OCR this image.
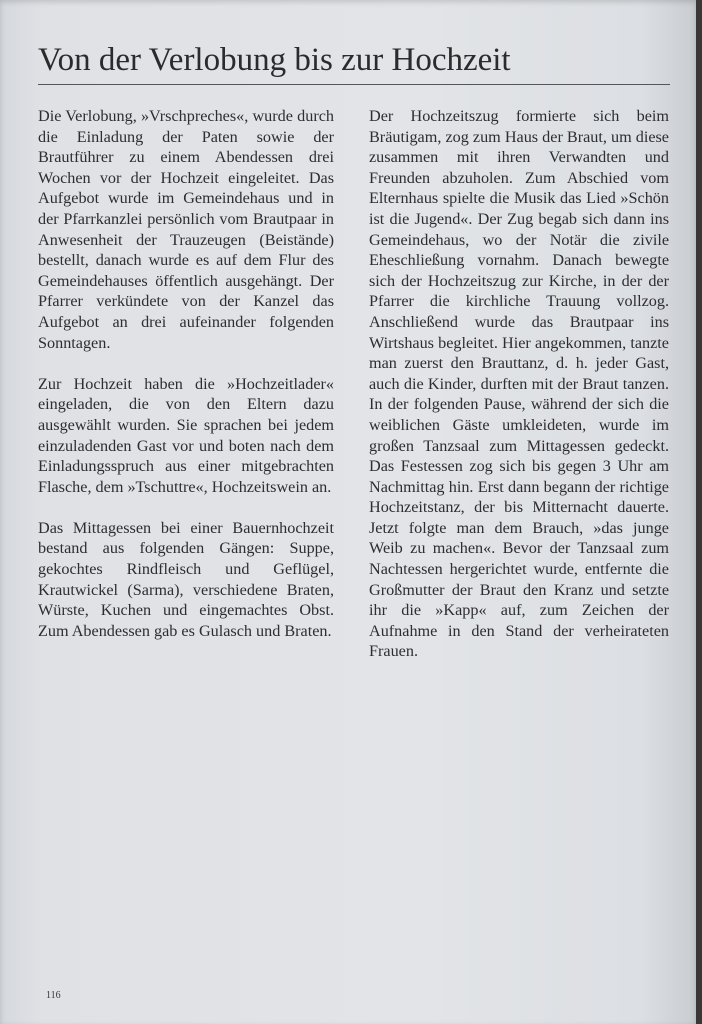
Von der Verlobung bis zur Hochzeit

Die Verlobung, »Vrschpreches«, wurde durch die Einladung der Paten sowie der Brautführer zu einem Abendessen drei Wochen vor der Hochzeit eingeleitet. Das Aufgebot wurde im Gemeindehaus und in der Pfarrkanzlei persönlich vom Brautpaar in Anwesenheit der Trauzeugen (Beistände) bestellt, danach wurde es auf dem Flur des Gemeindehauses öffentlich ausgehängt. Der Pfarrer verkündete von der Kanzel das Aufgebot an drei aufeinander folgenden Sonntagen.

Zur Hochzeit haben die »Hochzeitlader« eingeladen, die von den Eltern dazu ausgewählt wurden. Sie sprachen bei jedem einzuladenden Gast vor und boten nach dem Einladungsspruch aus einer mitgebrachten Flasche, dem »Tschuttre«, Hochzeitswein an.

Das Mittagessen bei einer Bauernhochzeit bestand aus folgenden Gängen: Suppe, gekochtes Rindfleisch und Geflügel, Krautwickel (Sarma), verschiedene Braten, Würste, Kuchen und eingemachtes Obst. Zum Abendessen gab es Gulasch und Braten.

Der Hochzeitszug formierte sich beim Bräutigam, zog zum Haus der Braut, um diese zusammen mit ihren Verwandten und Freunden abzuholen. Zum Abschied vom Elternhaus spielte die Musik das Lied »Schön ist die Jugend«. Der Zug begab sich dann ins Gemeindehaus, wo der Notär die zivile Eheschließung vornahm. Danach bewegte sich der Hochzeitszug zur Kirche, in der der Pfarrer die kirchliche Trauung vollzog. Anschließend wurde das Brautpaar ins Wirtshaus begleitet. Hier angekommen, tanzte man zuerst den Brauttanz, d. h. jeder Gast, auch die Kinder, durften mit der Braut tanzen. In der folgenden Pause, während der sich die weiblichen Gäste umkleideten, wurde im großen Tanzsaal zum Mittagessen gedeckt. Das Festessen zog sich bis gegen 3 Uhr am Nachmittag hin. Erst dann begann der richtige Hochzeitstanz, der bis Mitternacht dauerte. Jetzt folgte man dem Brauch, »das junge Weib zu machen«. Bevor der Tanzsaal zum Nachtessen hergerichtet wurde, entfernte die Großmutter der Braut den Kranz und setzte ihr die »Kapp« auf, zum Zeichen der Aufnahme in den Stand der verheirateten Frauen.

116
